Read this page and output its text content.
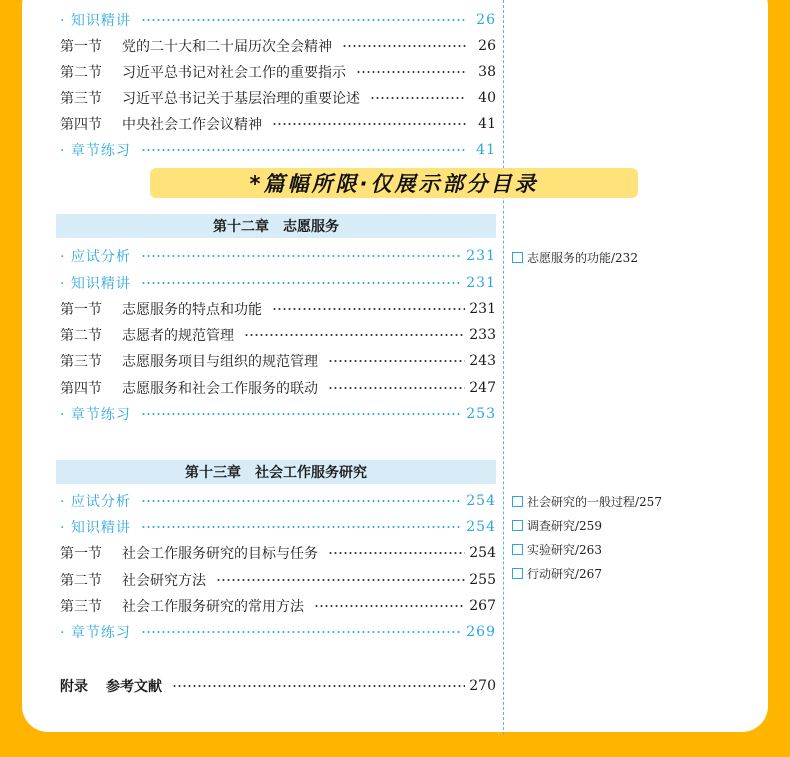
· 知识精讲	26
第一节 党的二十大和二十届历次全会精神	26
第二节 习近平总书记对社会工作的重要指示	38
第三节 习近平总书记关于基层治理的重要论述	40
第四节 中央社会工作会议精神	41
· 章节练习	41
*篇幅所限·仅展示部分目录
第十二章　志愿服务
· 应试分析	231
· 知识精讲	231
第一节 志愿服务的特点和功能	231
第二节 志愿者的规范管理	233
第三节 志愿服务项目与组织的规范管理	243
第四节 志愿服务和社会工作服务的联动	247
· 章节练习	253
志愿服务的功能/232
第十三章　社会工作服务研究
· 应试分析	254
· 知识精讲	254
第一节 社会工作服务研究的目标与任务	254
第二节 社会研究方法	255
第三节 社会工作服务研究的常用方法	267
· 章节练习	269
社会研究的一般过程/257
调查研究/259
实验研究/263
行动研究/267
附录 参考文献	270
